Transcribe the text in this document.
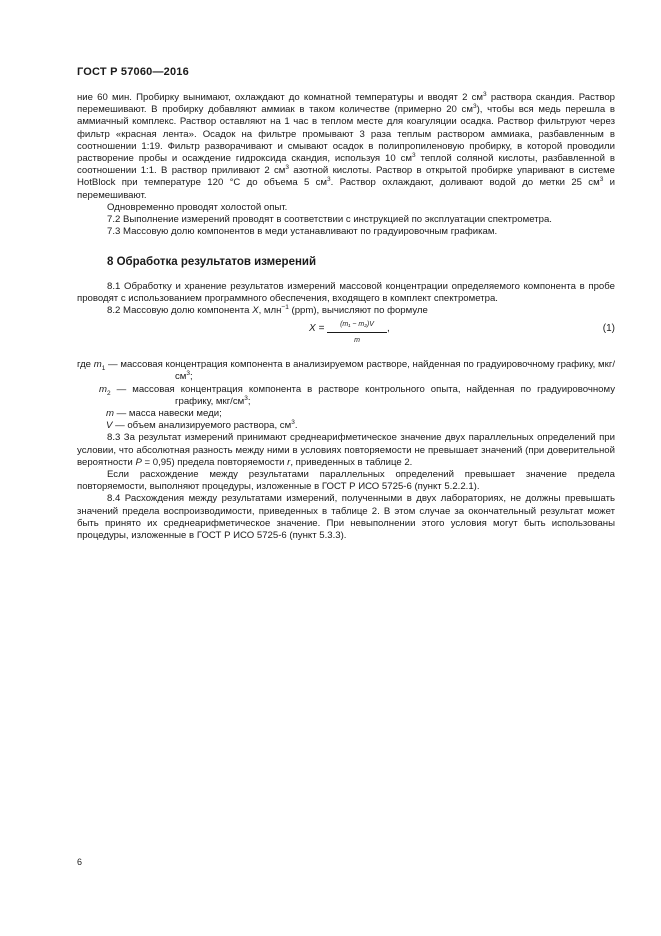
ГОСТ Р 57060—2016

ние 60 мин. Пробирку вынимают, охлаждают до комнатной температуры и вводят 2 $см^3$ раствора скандия. Раствор перемешивают. В пробирку добавляют аммиак в таком количестве (примерно 20 $см^3$), чтобы вся медь перешла в аммиачный комплекс. Раствор оставляют на 1 час в теплом месте для коагуляции осадка. Раствор фильтруют через фильтр «красная лента». Осадок на фильтре промывают 3 раза теплым раствором аммиака, разбавленным в соотношении 1:19. Фильтр разворачивают и смывают осадок в полипропиленовую пробирку, в которой проводили растворение пробы и осаждение гидроксида скандия, используя 10 $см^3$ теплой соляной кислоты, разбавленной в соотношении 1:1. В раствор приливают 2 $см^3$ азотной кислоты. Раствор в открытой пробирке упаривают в системе HotBlock при температуре 120 °С до объема 5 $см^3$. Раствор охлаждают, доливают водой до метки 25 $см^3$ и перемешивают.

Одновременно проводят холостой опыт.

7.2 Выполнение измерений проводят в соответствии с инструкцией по эксплуатации спектрометра.

7.3 Массовую долю компонентов в меди устанавливают по градуировочным графикам.

8 Обработка результатов измерений

8.1 Обработку и хранение результатов измерений массовой концентрации определяемого компонента в пробе проводят с использованием программного обеспечения, входящего в комплект спектрометра.

8.2 Массовую долю компонента X, млн$^{-1}$ (ppm), вычисляют по формуле

$X = \frac{\text{(m₁ − m₂)V}}{m}$ ,	(1)

где $m_1$ — массовая концентрация компонента в анализируемом растворе, найденная по градуировочному графику, мкг/$см^3$;

$m_2$ — массовая концентрация компонента в растворе контрольного опыта, найденная по градуировочному графику, мкг/$см^3$;

m — масса навески меди;

V — объем анализируемого раствора, $см^3$.

8.3 За результат измерений принимают среднеарифметическое значение двух параллельных определений при условии, что абсолютная разность между ними в условиях повторяемости не превышает значений (при доверительной вероятности P = 0,95) предела повторяемости r, приведенных в таблице 2.

Если расхождение между результатами параллельных определений превышает значение предела повторяемости, выполняют процедуры, изложенные в ГОСТ Р ИСО 5725-6 (пункт 5.2.2.1).

8.4 Расхождения между результатами измерений, полученными в двух лабораториях, не должны превышать значений предела воспроизводимости, приведенных в таблице 2. В этом случае за окончательный результат может быть принято их среднеарифметическое значение. При невыполнении этого условия могут быть использованы процедуры, изложенные в ГОСТ Р ИСО 5725-6 (пункт 5.3.3).

6
